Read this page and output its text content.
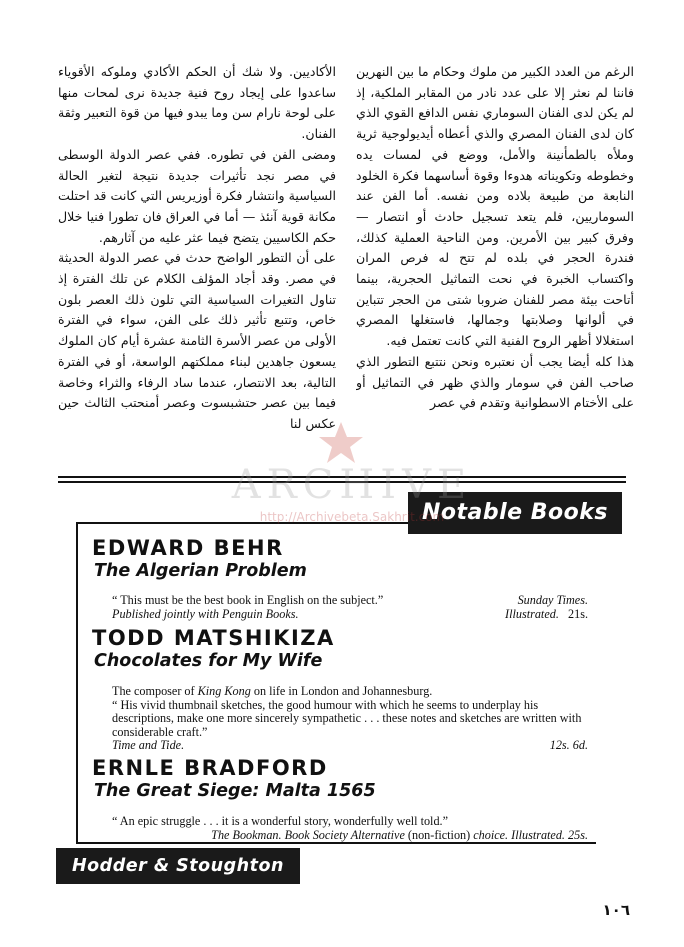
الرغم من العدد الكبير من ملوك وحكام ما بين النهرين فاننا لم نعثر إلا على عدد نادر من المقابر الملكية، إذ لم يكن لدى الفنان السوماري نفس الدافع القوي الذي كان لدى الفنان المصري والذي أعطاه أيديولوجية ثرية وملأه بالطمأنينة والأمل، ووضع في لمسات يده وخطوطه وتكويناته هدوءا وقوة أساسهما فكرة الخلود النابعة من طبيعة بلاده ومن نفسه. أما الفن عند السوماريين، فلم يتعد تسجيل حادث أو انتصار — وفرق كبير بين الأمرين. ومن الناحية العملية كذلك، فندرة الحجر في بلده لم تتح له فرص المران واكتساب الخبرة في نحت التماثيل الحجرية، بينما أتاحت بيئة مصر للفنان ضروبا شتى من الحجر تتباين في ألوانها وصلابتها وجمالها، فاستغلها المصري استغلالا أظهر الروح الفنية التي كانت تعتمل فيه.

هذا كله أيضا يجب أن نعتبره ونحن نتتبع التطور الذي صاحب الفن في سومار والذي ظهر في التماثيل أو على الأختام الاسطوانية وتقدم في عصر

الأكاديين. ولا شك أن الحكم الأكادي وملوكه الأقوياء ساعدوا على إيجاد روح فنية جديدة نرى لمحات منها على لوحة نارام سن وما يبدو فيها من قوة التعبير وثقة الفنان.

ومضى الفن في تطوره. ففي عصر الدولة الوسطى في مصر نجد تأثيرات جديدة نتيجة لتغير الحالة السياسية وانتشار فكرة أوزيريس التي كانت قد احتلت مكانة قوية آنئذ — أما في العراق فان تطورا فنيا خلال حكم الكاسيين يتضح فيما عثر عليه من آثارهم.

على أن التطور الواضح حدث في عصر الدولة الحديثة في مصر. وقد أجاد المؤلف الكلام عن تلك الفترة إذ تناول التغيرات السياسية التي تلون ذلك العصر بلون خاص، وتتبع تأثير ذلك على الفن، سواء في الفترة الأولى من عصر الأسرة الثامنة عشرة أيام كان الملوك يسعون جاهدين لبناء مملكتهم الواسعة، أو في الفترة التالية، بعد الانتصار، عندما ساد الرفاء والثراء وخاصة فيما بين عصر حتشبسوت وعصر أمنحتب الثالث حين عكس لنا

Notable Books

EDWARD BEHR

The Algerian Problem

“ This must be the best book in English on the subject.”	Sunday Times.
Published jointly with Penguin Books.	Illustrated. 21s.

TODD MATSHIKIZA

Chocolates for My Wife

The composer of King Kong on life in London and Johannesburg.
“ His vivid thumbnail sketches, the good humour with which he seems to underplay his descriptions, make one more sincerely sympathetic . . . these notes and sketches are written with considerable craft.”
Time and Tide.	12s. 6d.

ERNLE BRADFORD

The Great Siege: Malta 1565

“ An epic struggle . . . it is a wonderful story, wonderfully well told.”
The Bookman. Book Society Alternative (non-fiction) choice. Illustrated. 25s.
Hodder & Stoughton
١٠٦
ARCHIVE
http://Archivebeta.Sakhrit.com
